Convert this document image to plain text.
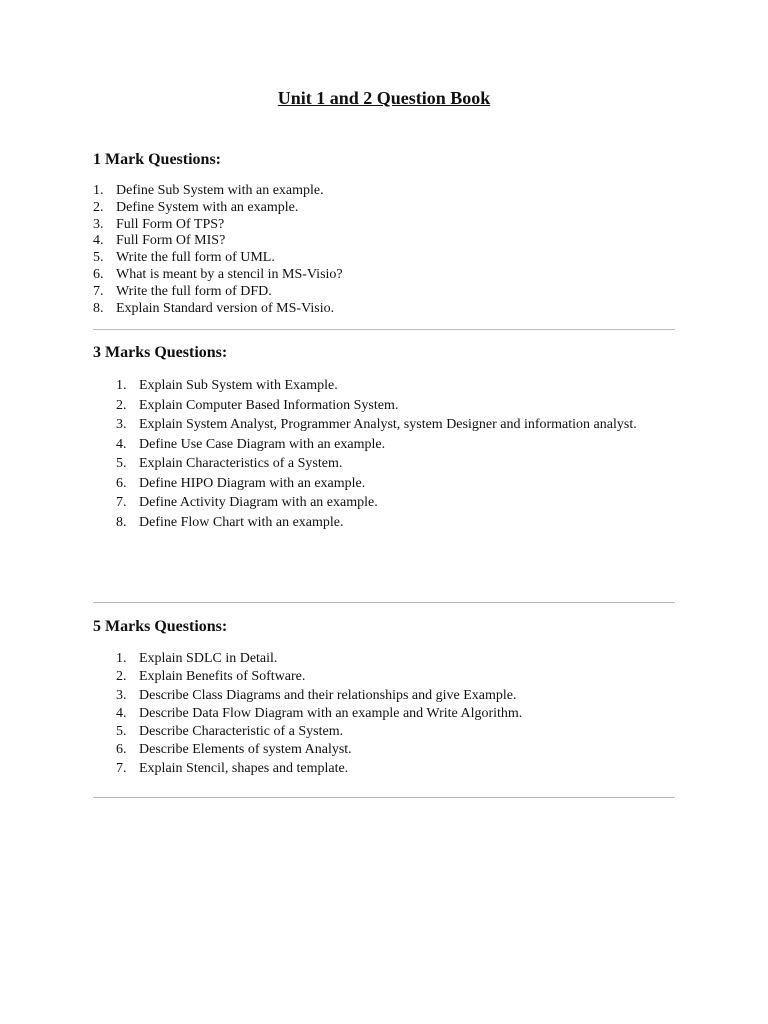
Unit 1 and 2 Question Book
1 Mark Questions:
1. Define Sub System with an example.
2. Define System with an example.
3. Full Form Of TPS?
4. Full Form Of MIS?
5. Write the full form of UML.
6. What is meant by a stencil in MS-Visio?
7. Write the full form of DFD.
8. Explain Standard version of MS-Visio.
3 Marks Questions:
1. Explain Sub System with Example.
2. Explain Computer Based Information System.
3. Explain System Analyst, Programmer Analyst, system Designer and information analyst.
4. Define Use Case Diagram with an example.
5. Explain Characteristics of a System.
6. Define HIPO Diagram with an example.
7. Define Activity Diagram with an example.
8. Define Flow Chart with an example.
5 Marks Questions:
1. Explain SDLC in Detail.
2. Explain Benefits of Software.
3. Describe Class Diagrams and their relationships and give Example.
4. Describe Data Flow Diagram with an example and Write Algorithm.
5. Describe Characteristic of a System.
6. Describe Elements of system Analyst.
7. Explain Stencil, shapes and template.
